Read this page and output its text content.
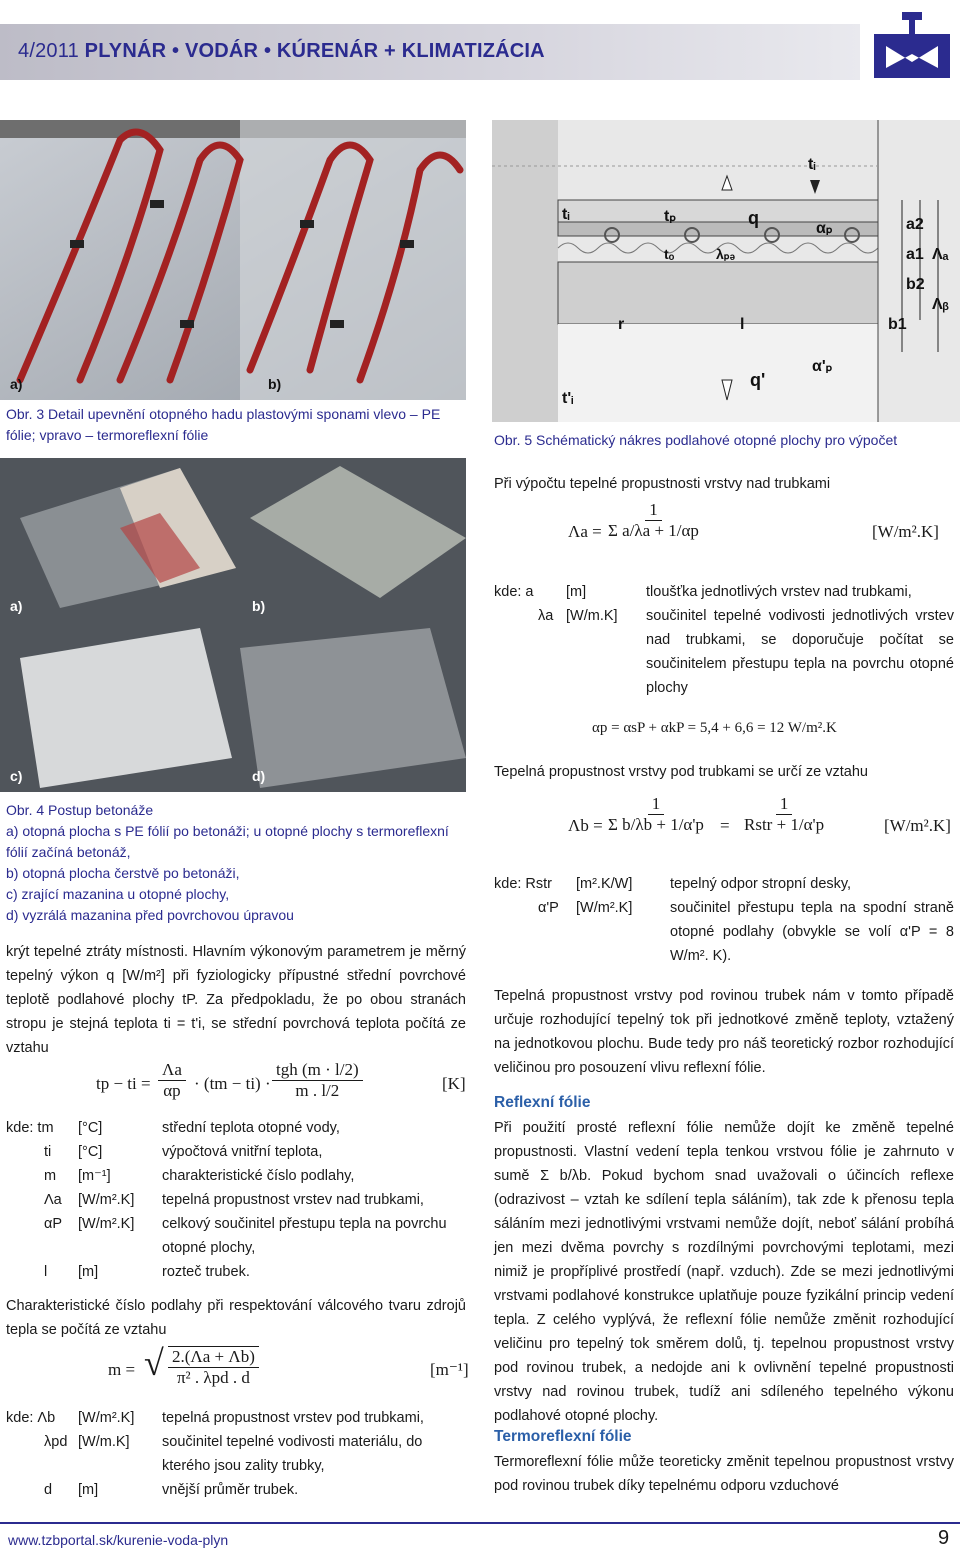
4/2011 PLYNÁR • VODÁR • KÚRENÁR + KLIMATIZÁCIA
a)	b)
Obr. 3 Detail upevnění otopného hadu plastovými sponami vlevo – PE fólie; vpravo – termoreflexní fólie
tᵢ
tᵢ
tₚ	q
tₒ	λₚₔ
αₚ
r	l
q'
α'ₚ
t'ᵢ
b1
b2
a1
a2
Λₐ
Λᵦ
Obr. 5 Schématický nákres podlahové otopné plochy pro výpočet
a)	b)
c)	d)
Obr. 4 Postup betonáže
a) otopná plocha s PE fólií po betonáži; u otopné plochy s termoreflexní fólií začíná betonáž,
b) otopná plocha čerstvě po betonáži,
c) zrající mazanina u otopné plochy,
d) vyzrálá mazanina před povrchovou úpravou
krýt tepelné ztráty místnosti. Hlavním výkonovým parametrem je měrný tepelný výkon q [W/m²] při fyziologicky přípustné střední povrchové teplotě podlahové plochy tP. Za předpokladu, že po obou stranách stropu je stejná teplota ti = t'i, se střední povrchová teplota počítá ze vztahu
tp − ti = $\frac{\Lambda a}{\alpha p} \cdot (tm - ti)$ ·
tgh (m · l/2)
m . l/2	[K]
kde: tm [°C]	střední teplota otopné vody,
ti [°C]	výpočtová vnitřní teplota,
m [m⁻¹]	charakteristické číslo podlahy,
Λa [W/m².K] tepelná propustnost vrstev nad trubkami,
αP [W/m².K] celkový součinitel přestupu tepla na povrchu otopné plochy,
l [m]	rozteč trubek.
Charakteristické číslo podlahy při respektování válcového tvaru zdrojů tepla se počítá ze vztahu
m = √ 2.(Λa + Λb)
π² . λpd . d	[m⁻¹]
kde: Λb [W/m².K] tepelná propustnost vrstev pod trubkami,
λpd [W/m.K] součinitel tepelné vodivosti materiálu, do kterého jsou zality trubky,
d [m]	vnější průměr trubek.
Při výpočtu tepelné propustnosti vrstvy nad trubkami
$\Lambda a = \frac{1}{\text{Σ a/λa + 1/αp}}$	[W/m².K]
kde: a [m]	tloušťka jednotlivých vrstev nad trubkami,
λa [W/m.K] součinitel tepelné vodivosti jednotlivých vrstev nad trubkami, se doporučuje počítat se součinitelem přestupu tepla na povrchu otopné plochy
αp = αsP + αkP = 5,4 + 6,6 = 12 W/m².K
Tepelná propustnost vrstvy pod trubkami se určí ze vztahu
$\Lambda b = \frac{1}{\text{Σ b/λb + 1/α'p}}$ =
1
Rstr + 1/α'p	[W/m².K]
kde: Rstr [m².K/W]	tepelný odpor stropní desky,
α'P [W/m².K]	součinitel přestupu tepla na spodní straně otopné podlahy (obvykle se volí α'P = 8 W/m². K).
Tepelná propustnost vrstvy pod rovinou trubek nám v tomto případě určuje rozhodující tepelný tok při jednotkové změně teploty, vztažený na jednotkovou plochu. Bude tedy pro náš teoretický rozbor rozhodující veličinou pro posouzení vlivu reflexní fólie.
Reflexní fólie
Při použití prosté reflexní fólie nemůže dojít ke změně tepelné propustnosti. Vlastní vedení tepla tenkou vrstvou fólie je zahrnuto v sumě Σ b/λb. Pokud bychom snad uvažovali o účincích reflexe (odrazivost – vztah ke sdílení tepla sáláním), tak zde k přenosu tepla sáláním mezi jednotlivými vrstvami nemůže dojít, neboť sálání probíhá jen mezi dvěma povrchy s rozdílnými povrchovými teplotami, mezi nimiž je propříplivé prostředí (např. vzduch). Zde se mezi jednotlivými vrstvami podlahové konstrukce uplatňuje pouze fyzikální princip vedení tepla. Z celého vyplývá, že reflexní fólie nemůže změnit rozhodující veličinu pro tepelný tok směrem dolů, tj. tepelnou propustnost vrstvy pod rovinou trubek, a nedojde ani k ovlivnění tepelné propustnosti vrstvy nad rovinou trubek, tudíž ani sdíleného tepelného výkonu podlahové otopné plochy.
Termoreflexní fólie
Termoreflexní fólie může teoreticky změnit tepelnou propustnost vrstvy pod rovinou trubek díky tepelnému odporu vzduchové
www.tzbportal.sk/kurenie-voda-plyn	9
